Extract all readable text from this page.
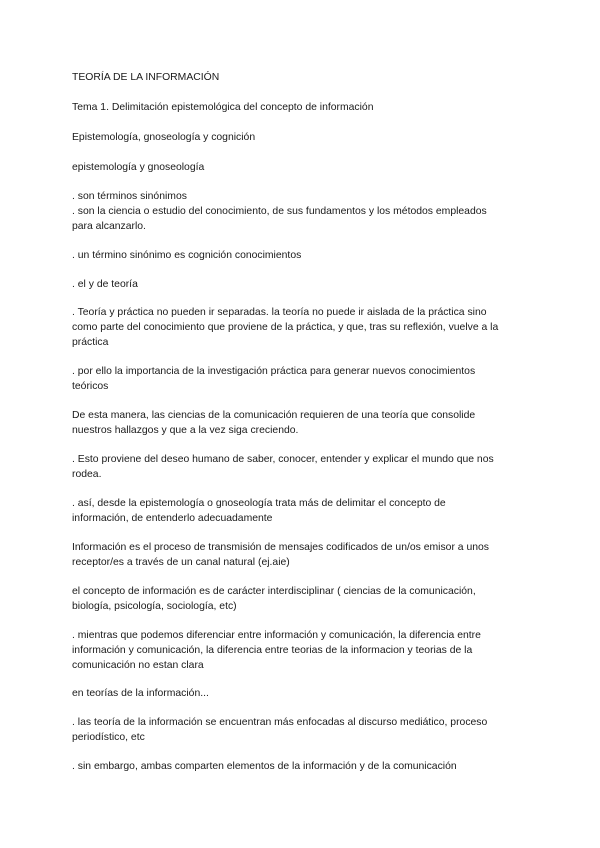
TEORÍA DE LA INFORMACIÓN
Tema 1. Delimitación epistemológica del concepto de información
Epistemología, gnoseología y cognición
epistemología y gnoseología
. son términos sinónimos
. son la ciencia o estudio del conocimiento, de sus fundamentos y los métodos empleados
para alcanzarlo.
. un término sinónimo es cognición conocimientos
. el y de teoría
. Teoría y práctica no pueden ir separadas. la teoría no puede ir aislada de la práctica sino
como parte del conocimiento que proviene de la práctica, y que, tras su reflexión, vuelve a la
práctica
. por ello la importancia de la investigación práctica para generar nuevos conocimientos
teóricos
De esta manera, las ciencias de la comunicación requieren de una teoría que consolide
nuestros hallazgos y que a la vez siga creciendo.
. Esto proviene del deseo humano de saber, conocer, entender y explicar el mundo que nos
rodea.
. así, desde la epistemología o gnoseología trata más de delimitar el concepto de
información, de entenderlo adecuadamente
Información es el proceso de transmisión de mensajes codificados de un/os emisor a unos
receptor/es a través de un canal natural (ej.aie)
el concepto de información es de carácter interdisciplinar ( ciencias de la comunicación,
biología, psicología, sociología, etc)
. mientras que podemos diferenciar entre información y comunicación, la diferencia entre
información y comunicación, la diferencia entre teorias de la informacion y teorias de la
comunicación no estan clara
en teorías de la información...
. las teoría de la información se encuentran más enfocadas al discurso mediático, proceso
periodístico, etc
. sin embargo, ambas comparten elementos de la información y de la comunicación
